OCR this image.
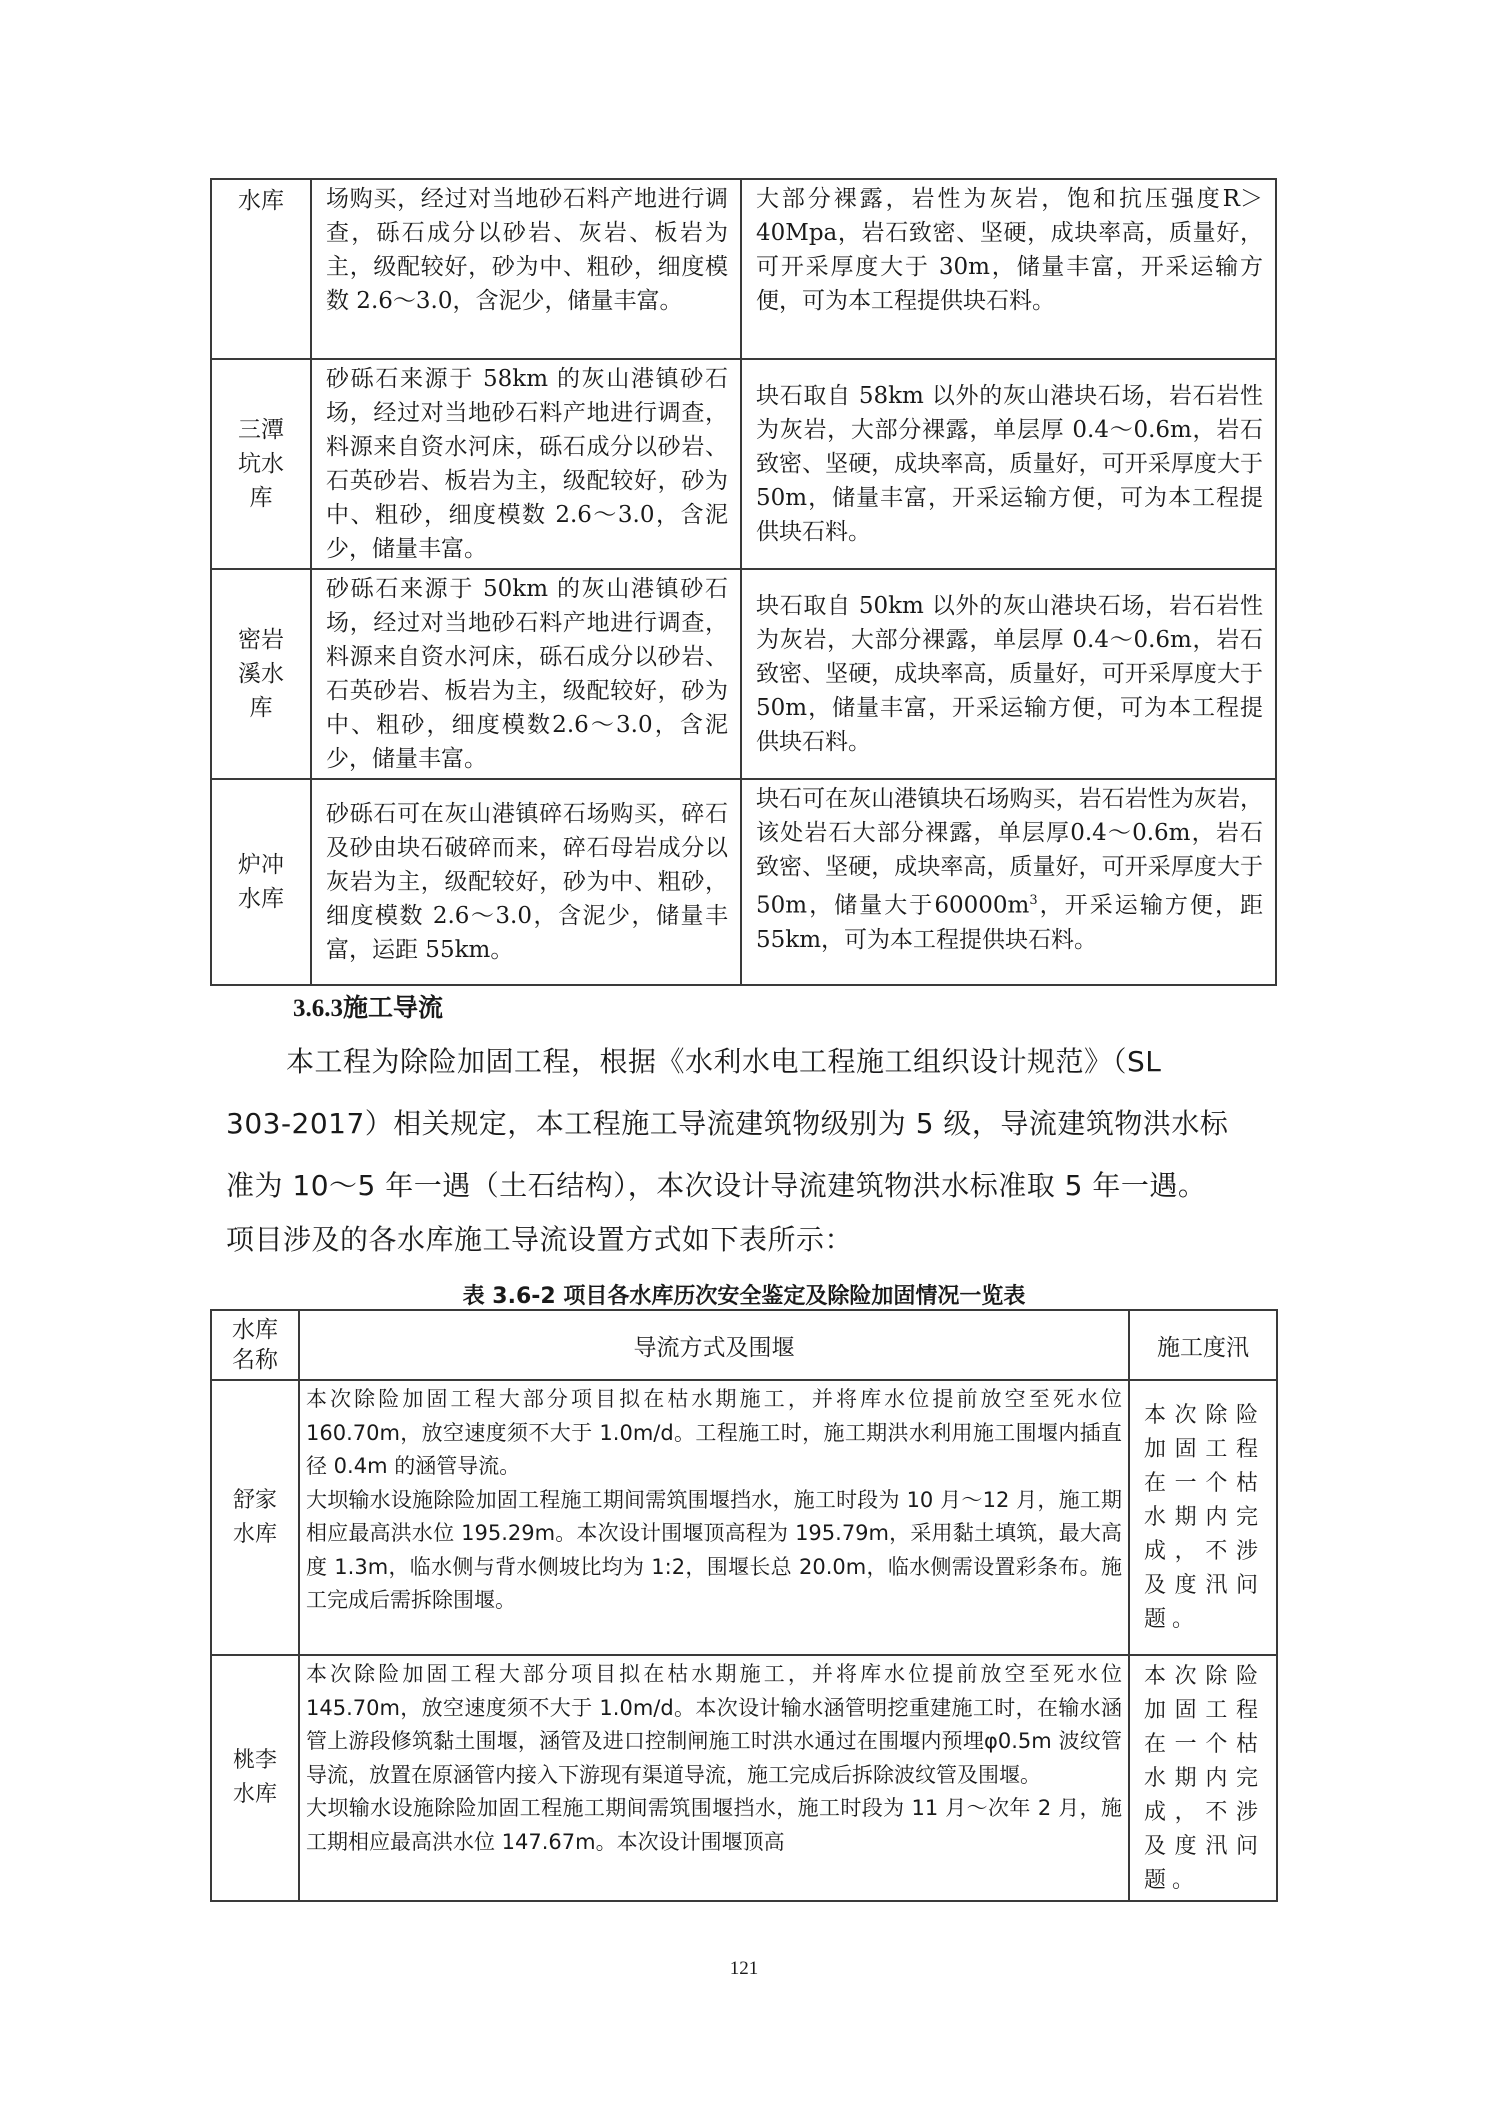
水库	场购买，经过对当地砂石料产地进行调查，砾石成分以砂岩、灰岩、板岩为主，级配较好，砂为中、粗砂，细度模数 2.6～3.0，含泥少，储量丰富。	大部分裸露，岩性为灰岩，饱和抗压强度R＞40Mpa，岩石致密、坚硬，成块率高，质量好，可开采厚度大于 30m，储量丰富，开采运输方便，可为本工程提供块石料。

三潭坑水库	砂砾石来源于 58km 的灰山港镇砂石场，经过对当地砂石料产地进行调查，料源来自资水河床，砾石成分以砂岩、石英砂岩、板岩为主，级配较好，砂为中、粗砂，细度模数 2.6～3.0，含泥少，储量丰富。	块石取自 58km 以外的灰山港块石场，岩石岩性为灰岩，大部分裸露，单层厚 0.4～0.6m，岩石致密、坚硬，成块率高，质量好，可开采厚度大于 50m，储量丰富，开采运输方便，可为本工程提供块石料。

密岩溪水库	砂砾石来源于 50km 的灰山港镇砂石场，经过对当地砂石料产地进行调查，料源来自资水河床，砾石成分以砂岩、石英砂岩、板岩为主，级配较好，砂为中、粗砂，细度模数2.6～3.0，含泥少，储量丰富。	块石取自 50km 以外的灰山港块石场，岩石岩性为灰岩，大部分裸露，单层厚 0.4～0.6m，岩石致密、坚硬，成块率高，质量好，可开采厚度大于 50m，储量丰富，开采运输方便，可为本工程提供块石料。

炉冲水库	砂砾石可在灰山港镇碎石场购买，碎石及砂由块石破碎而来，碎石母岩成分以灰岩为主，级配较好，砂为中、粗砂，细度模数 2.6～3.0，含泥少，储量丰富，运距 55km。	块石可在灰山港镇块石场购买，岩石岩性为灰岩，该处岩石大部分裸露，单层厚0.4～0.6m，岩石致密、坚硬，成块率高，质量好，可开采厚度大于 50m，储量大于$60000m^3$，开采运输方便，距 55km，可为本工程提供块石料。
3.6.3施工导流
本工程为除险加固工程，根据《水利水电工程施工组织设计规范》（SL
303-2017）相关规定，本工程施工导流建筑物级别为 5 级，导流建筑物洪水标
准为 10～5 年一遇（土石结构），本次设计导流建筑物洪水标准取 5 年一遇。
项目涉及的各水库施工导流设置方式如下表所示：
表 3.6-2 项目各水库历次安全鉴定及除险加固情况一览表
水库名称	导流方式及围堰	施工度汛

舒家水库	本次除险加固工程大部分项目拟在枯水期施工，并将库水位提前放空至死水位 160.70m，放空速度须不大于 1.0m/d。工程施工时，施工期洪水利用施工围堰内插直径 0.4m 的涵管导流。

大坝输水设施除险加固工程施工期间需筑围堰挡水，施工时段为 10 月～12 月，施工期相应最高洪水位 195.29m。本次设计围堰顶高程为 195.79m，采用黏土填筑，最大高度 1.3m，临水侧与背水侧坡比均为 1:2，围堰长总 20.0m，临水侧需设置彩条布。施工完成后需拆除围堰。	本次除险加固工程在一个枯水期内完成，不涉及度汛问题。

桃李水库	本次除险加固工程大部分项目拟在枯水期施工，并将库水位提前放空至死水位 145.70m，放空速度须不大于 1.0m/d。本次设计输水涵管明挖重建施工时，在输水涵管上游段修筑黏土围堰，涵管及进口控制闸施工时洪水通过在围堰内预埋φ0.5m 波纹管导流，放置在原涵管内接入下游现有渠道导流，施工完成后拆除波纹管及围堰。

大坝输水设施除险加固工程施工期间需筑围堰挡水，施工时段为 11 月～次年 2 月，施工期相应最高洪水位 147.67m。本次设计围堰顶高	本次除险加固工程在一个枯水期内完成，不涉及度汛问题。
121
